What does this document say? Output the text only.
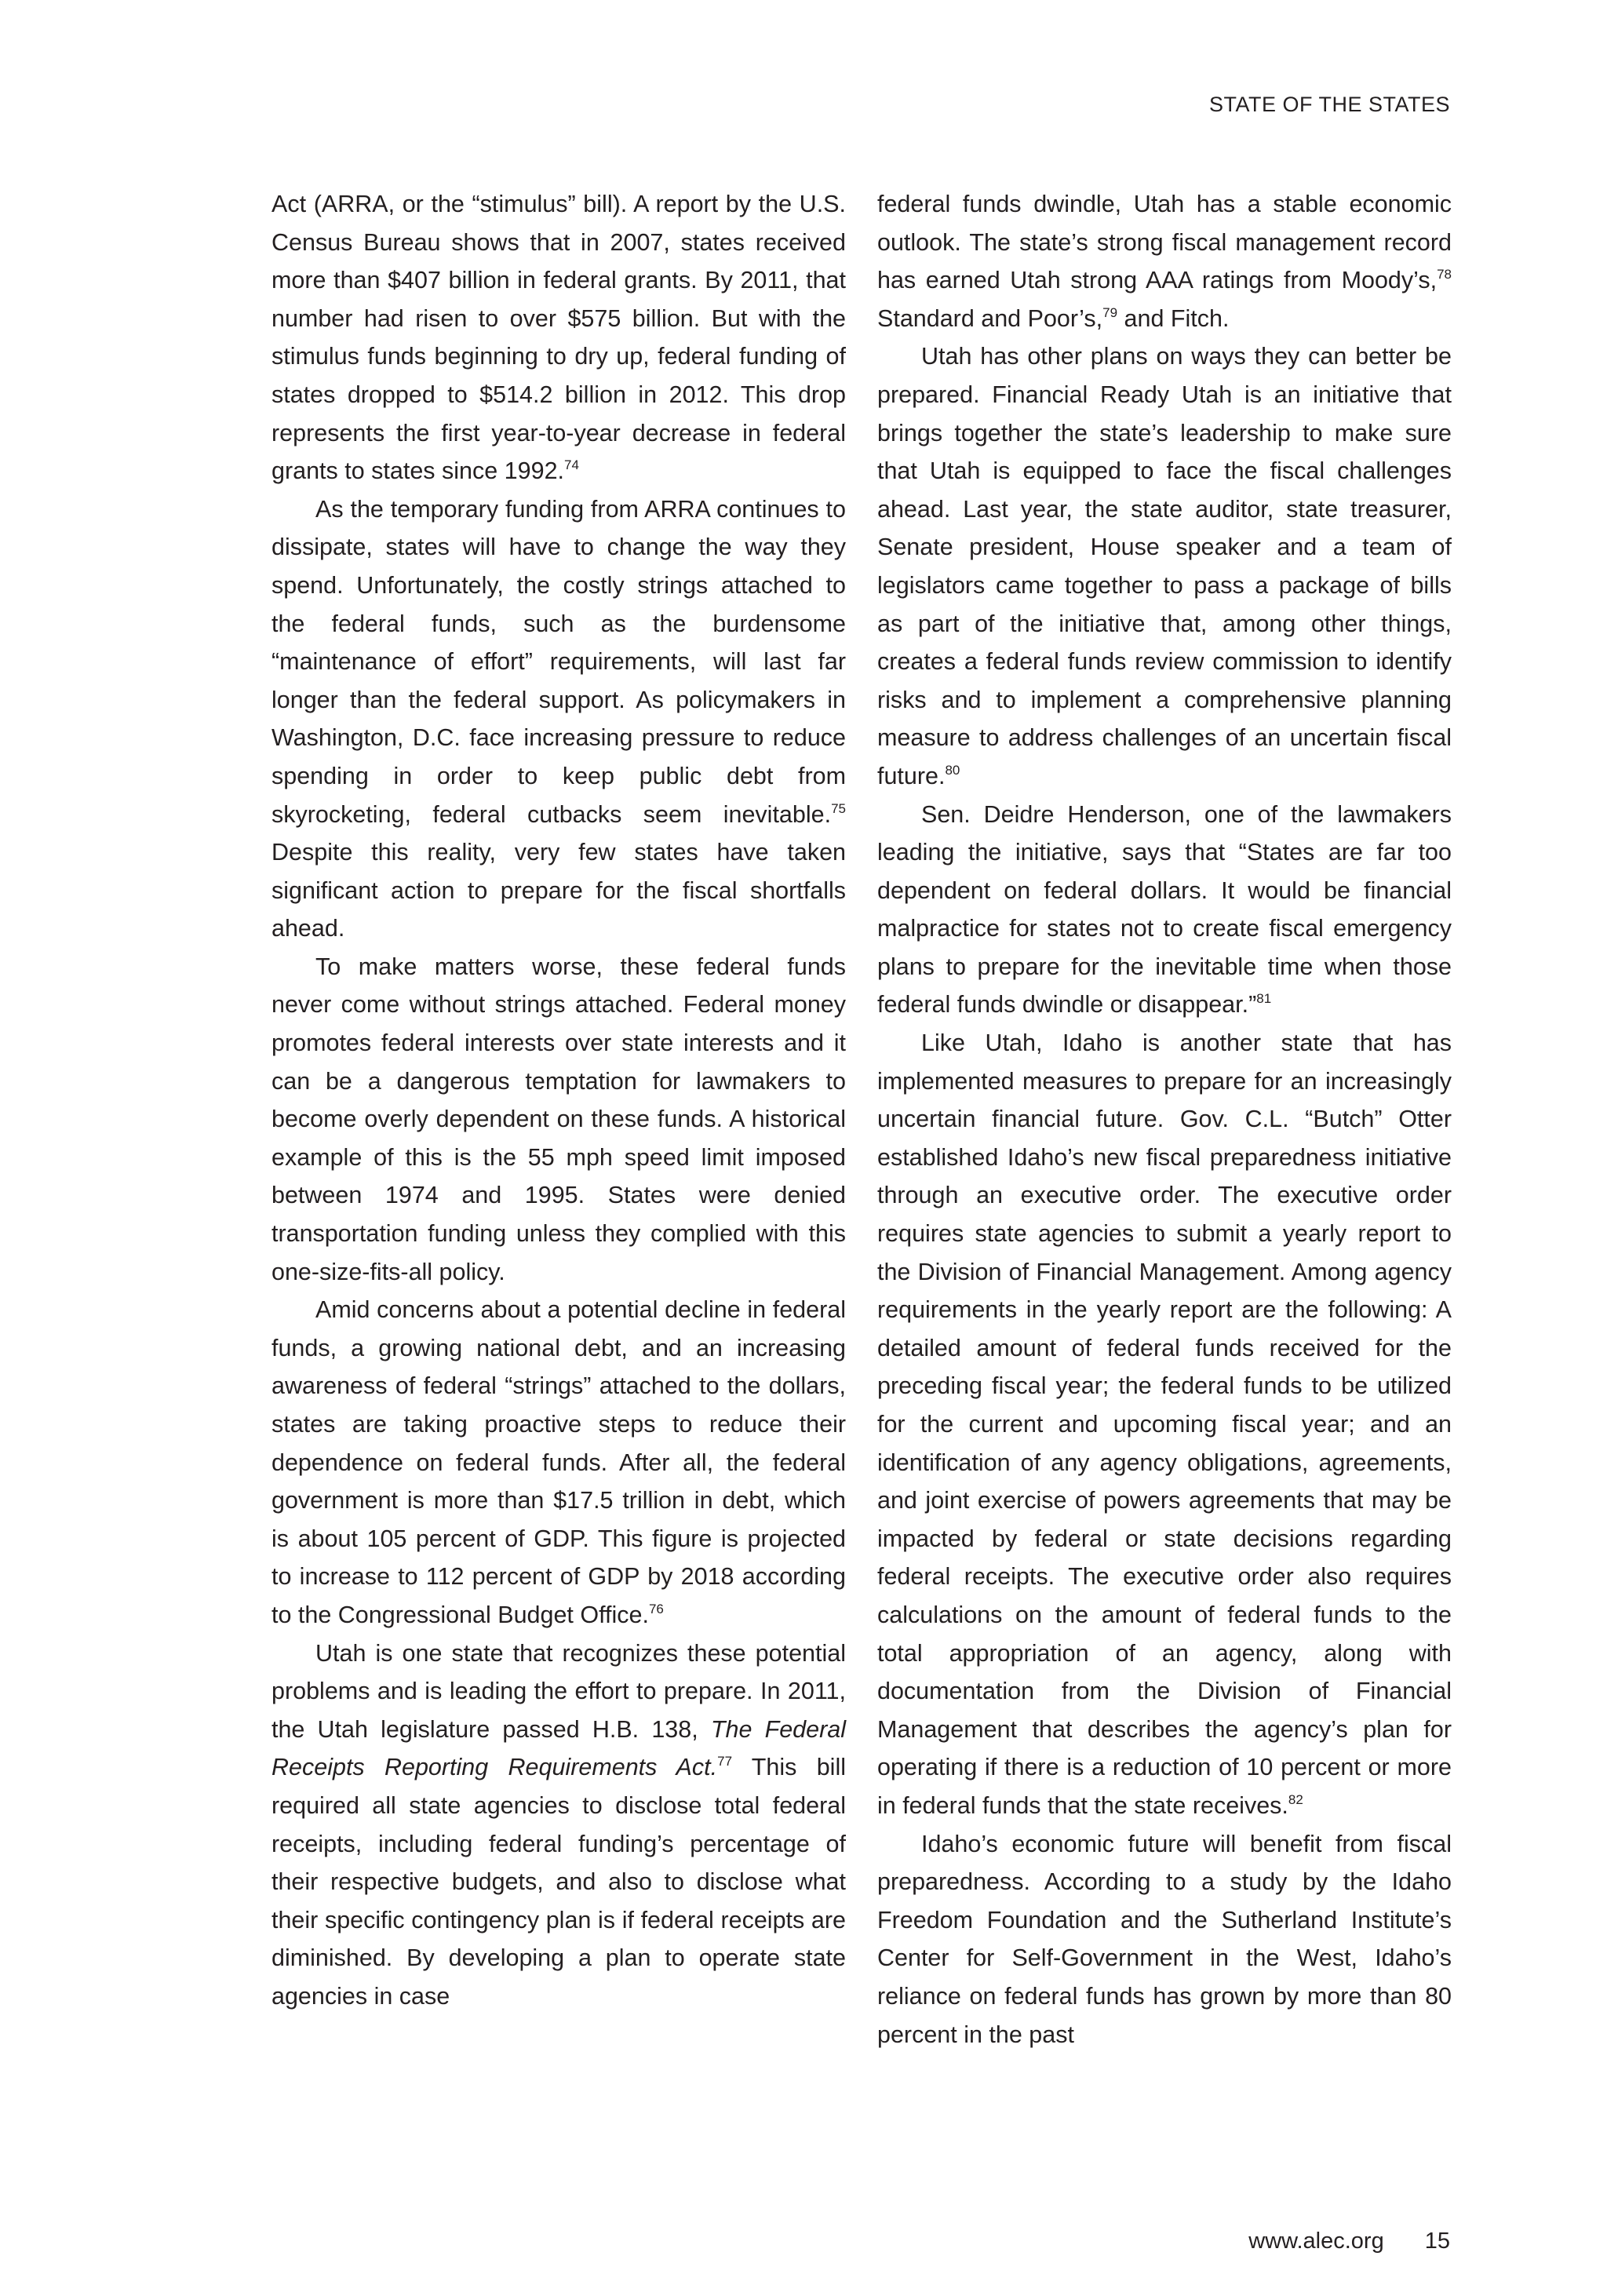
STATE OF THE STATES

Act (ARRA, or the “stimulus” bill). A report by the U.S. Census Bureau shows that in 2007, states received more than $407 billion in federal grants. By 2011, that number had risen to over $575 billion. But with the stimulus funds beginning to dry up, federal funding of states dropped to $514.2 billion in 2012. This drop represents the first year-to-year decrease in federal grants to states since 1992.74

As the temporary funding from ARRA continues to dissipate, states will have to change the way they spend. Unfortunately, the costly strings attached to the federal funds, such as the burdensome “maintenance of effort” requirements, will last far longer than the federal support. As policymakers in Washington, D.C. face increasing pressure to reduce spending in order to keep public debt from skyrocketing, federal cutbacks seem inevitable.$^{75}$ Despite this reality, very few states have taken significant action to prepare for the fiscal shortfalls ahead.

To make matters worse, these federal funds never come without strings attached. Federal money promotes federal interests over state interests and it can be a dangerous temptation for lawmakers to become overly dependent on these funds. A historical example of this is the 55 mph speed limit imposed between 1974 and 1995. States were denied transportation funding unless they complied with this one-size-fits-all policy.

Amid concerns about a potential decline in federal funds, a growing national debt, and an increasing awareness of federal “strings” attached to the dollars, states are taking proactive steps to reduce their dependence on federal funds. After all, the federal government is more than $17.5 trillion in debt, which is about 105 percent of GDP. This figure is projected to increase to 112 percent of GDP by 2018 according to the Congressional Budget Office.$^{76}$

Utah is one state that recognizes these potential problems and is leading the effort to prepare. In 2011, the Utah legislature passed H.B. 138, The Federal Receipts Reporting Requirements Act.$^{77}$ This bill required all state agencies to disclose total federal receipts, including federal funding’s percentage of their respective budgets, and also to disclose what their specific contingency plan is if federal receipts are diminished. By developing a plan to operate state agencies in case

federal funds dwindle, Utah has a stable economic outlook. The state’s strong fiscal management record has earned Utah strong AAA ratings from Moody’s,$^{78}$ Standard and Poor’s,$^{79}$ and Fitch.

Utah has other plans on ways they can better be prepared. Financial Ready Utah is an initiative that brings together the state’s leadership to make sure that Utah is equipped to face the fiscal challenges ahead. Last year, the state auditor, state treasurer, Senate president, House speaker and a team of legislators came together to pass a package of bills as part of the initiative that, among other things, creates a federal funds review commission to identify risks and to implement a comprehensive planning measure to address challenges of an uncertain fiscal future.$^{80}$

Sen. Deidre Henderson, one of the lawmakers leading the initiative, says that “States are far too dependent on federal dollars. It would be financial malpractice for states not to create fiscal emergency plans to prepare for the inevitable time when those federal funds dwindle or disappear.”$^{81}$

Like Utah, Idaho is another state that has implemented measures to prepare for an increasingly uncertain financial future. Gov. C.L. “Butch” Otter established Idaho’s new fiscal preparedness initiative through an executive order. The executive order requires state agencies to submit a yearly report to the Division of Financial Management. Among agency requirements in the yearly report are the following: A detailed amount of federal funds received for the preceding fiscal year; the federal funds to be utilized for the current and upcoming fiscal year; and an identification of any agency obligations, agreements, and joint exercise of powers agreements that may be impacted by federal or state decisions regarding federal receipts. The executive order also requires calculations on the amount of federal funds to the total appropriation of an agency, along with documentation from the Division of Financial Management that describes the agency’s plan for operating if there is a reduction of 10 percent or more in federal funds that the state receives.$^{82}$

Idaho’s economic future will benefit from fiscal preparedness. According to a study by the Idaho Freedom Foundation and the Sutherland Institute’s Center for Self-Government in the West, Idaho’s reliance on federal funds has grown by more than 80 percent in the past

www.alec.org 15
